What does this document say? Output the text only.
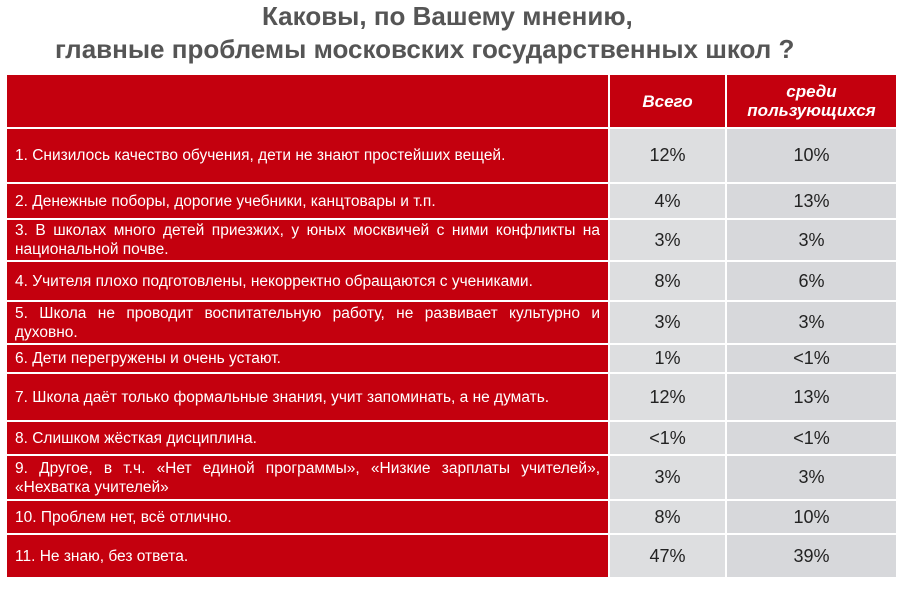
Каковы, по Вашему мнению,
главные проблемы московских государственных школ ?
	Всего	среди пользующихся
1. Снизилось качество обучения, дети не знают простейших вещей.	12%	10%
2. Денежные поборы, дорогие учебники, канцтовары и т.п.	4%	13%
3. В школах много детей приезжих, у юных москвичей с ними конфликты на национальной почве.	3%	3%
4. Учителя плохо подготовлены, некорректно обращаются с учениками.	8%	6%
5. Школа не проводит воспитательную работу, не развивает культурно и духовно.	3%	3%
6. Дети перегружены и очень устают.	1%	<1%
7. Школа даёт только формальные знания, учит запоминать, а не думать.	12%	13%
8. Слишком жёсткая дисциплина.	<1%	<1%
9. Другое, в т.ч. «Нет единой программы», «Низкие зарплаты учителей», «Нехватка учителей»	3%	3%
10. Проблем нет, всё отлично.	8%	10%
11. Не знаю, без ответа.	47%	39%
